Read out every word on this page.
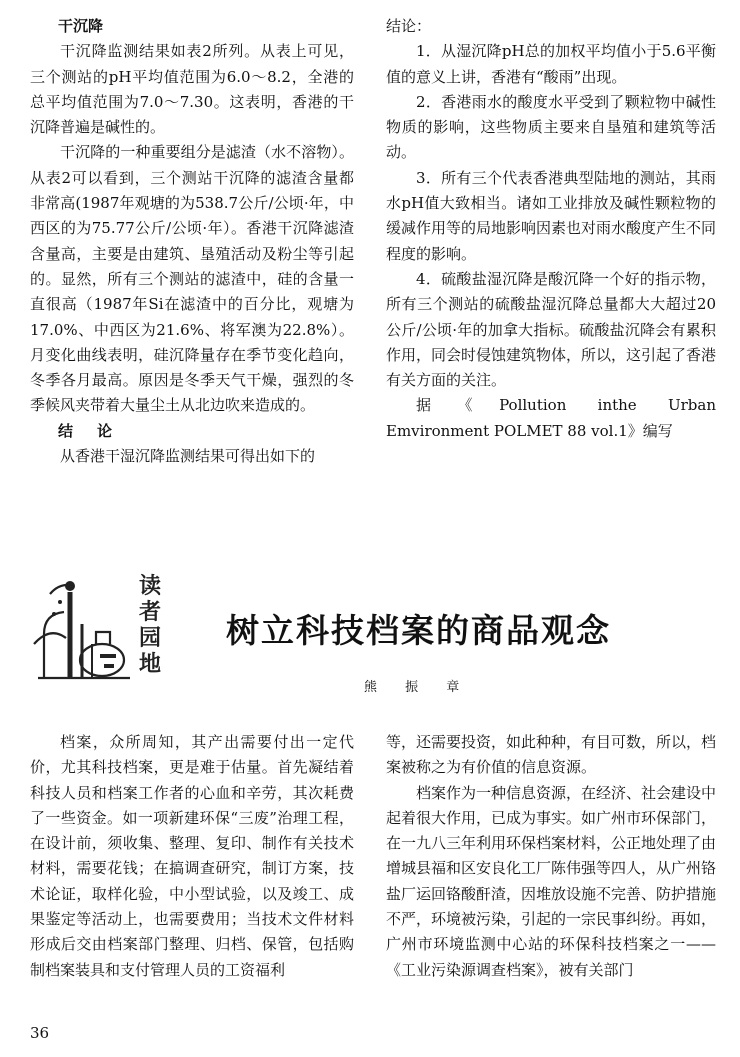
干沉降

干沉降监测结果如表2所列。从表上可见，三个测站的pH平均值范围为6.0～8.2，全港的总平均值范围为7.0～7.30。这表明，香港的干沉降普遍是碱性的。

干沉降的一种重要组分是滤渣（水不溶物）。从表2可以看到，三个测站干沉降的滤渣含量都非常高(1987年观塘的为538.7公斤/公顷·年，中西区的为75.77公斤/公顷·年）。香港干沉降滤渣含量高，主要是由建筑、垦殖活动及粉尘等引起的。显然，所有三个测站的滤渣中，硅的含量一直很高（1987年Si在滤渣中的百分比，观塘为17.0%、中西区为21.6%、将军澳为22.8%）。月变化曲线表明，硅沉降量存在季节变化趋向，冬季各月最高。原因是冬季天气干燥，强烈的冬季候风夹带着大量尘土从北边吹来造成的。

结论

从香港干湿沉降监测结果可得出如下的

结论：

1．从湿沉降pH总的加权平均值小于5.6平衡值的意义上讲，香港有“酸雨”出现。

2．香港雨水的酸度水平受到了颗粒物中碱性物质的影响，这些物质主要来自垦殖和建筑等活动。

3．所有三个代表香港典型陆地的测站，其雨水pH值大致相当。诸如工业排放及碱性颗粒物的缓减作用等的局地影响因素也对雨水酸度产生不同程度的影响。

4．硫酸盐湿沉降是酸沉降一个好的指示物，所有三个测站的硫酸盐湿沉降总量都大大超过20公斤/公顷·年的加拿大指标。硫酸盐沉降会有累积作用，同会时侵蚀建筑物体，所以，这引起了香港有关方面的关注。

据《Pollution inthe Urban Emvironment POLMET 88 vol.1》编写

读者园地
树立科技档案的商品观念
熊 振 章

档案，众所周知，其产出需要付出一定代价，尤其科技档案，更是难于估量。首先凝结着科技人员和档案工作者的心血和辛劳，其次耗费了一些资金。如一项新建环保“三废”治理工程，在设计前，须收集、整理、复印、制作有关技术材料，需要花钱；在搞调查研究，制订方案，技术论证，取样化验，中小型试验，以及竣工、成果鉴定等活动上，也需要费用；当技术文件材料形成后交由档案部门整理、归档、保管，包括购制档案装具和支付管理人员的工资福利

等，还需要投资，如此种种，有目可数，所以，档案被称之为有价值的信息资源。

档案作为一种信息资源，在经济、社会建设中起着很大作用，已成为事实。如广州市环保部门，在一九八三年利用环保档案材料，公正地处理了由增城县福和区安良化工厂陈伟强等四人，从广州铬盐厂运回铬酸酐渣，因堆放设施不完善、防护措施不严，环境被污染，引起的一宗民事纠纷。再如，广州市环境监测中心站的环保科技档案之一——《工业污染源调查档案》，被有关部门

36
